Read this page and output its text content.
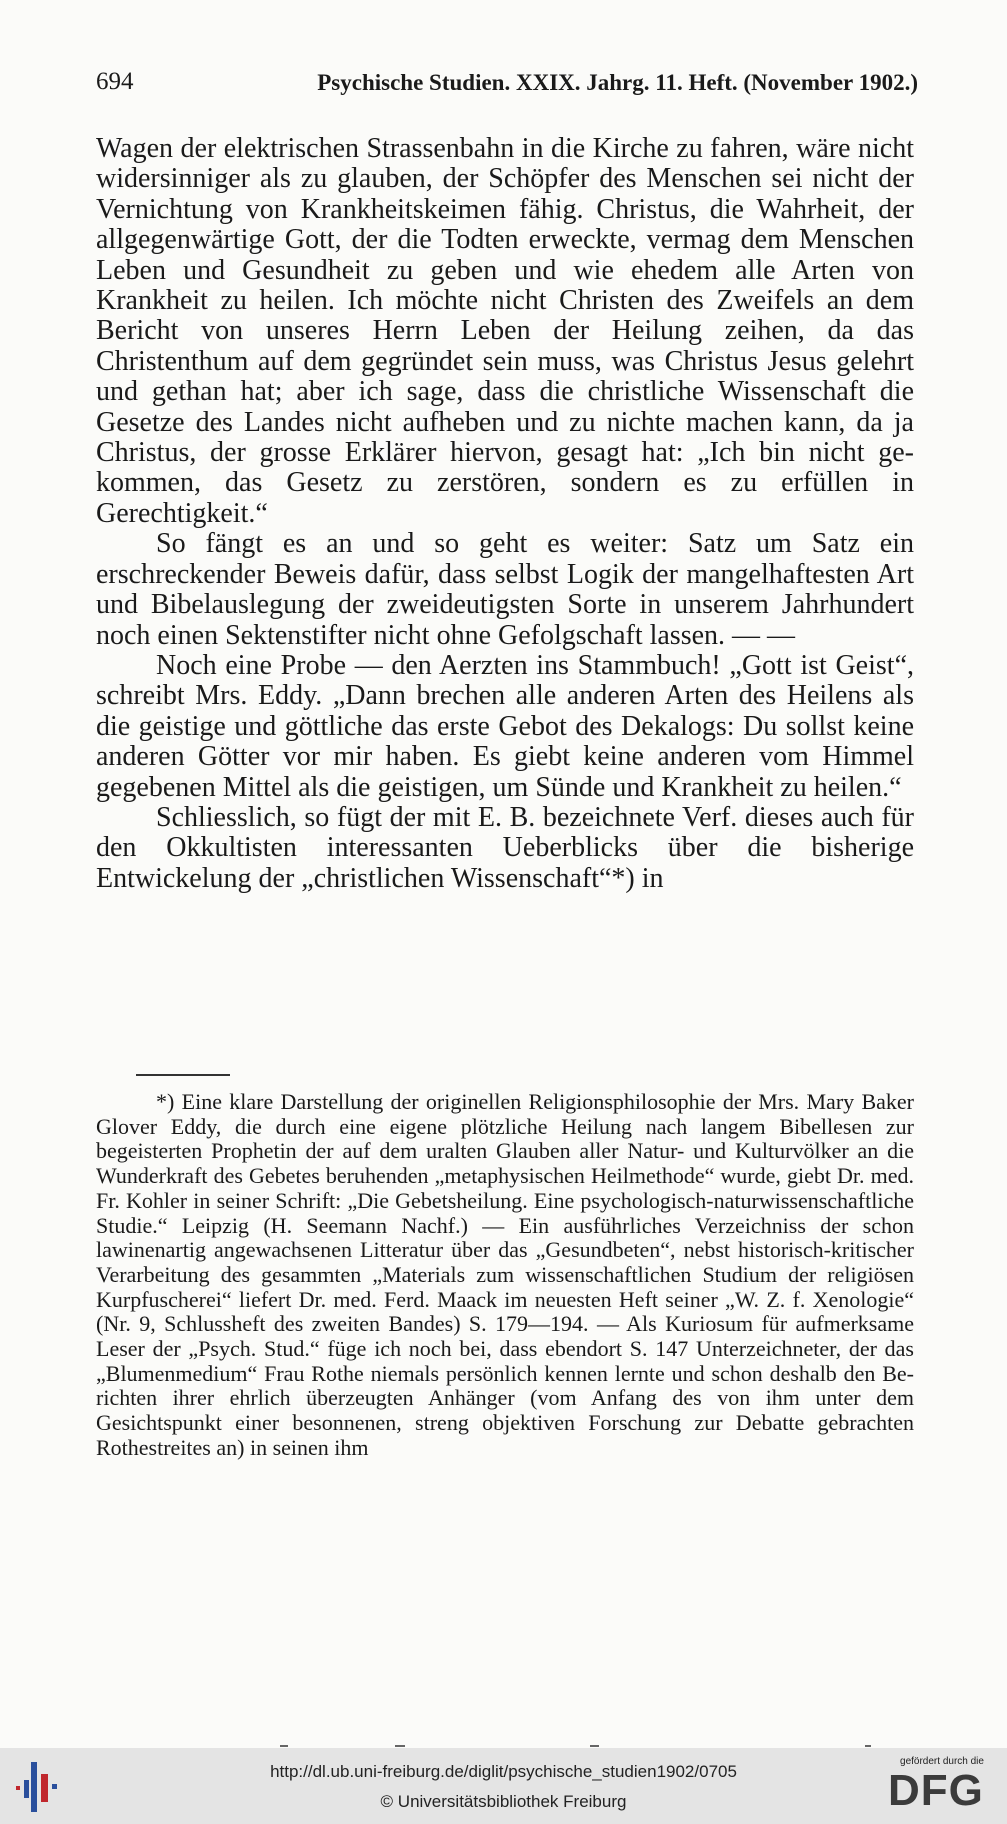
694	Psychische Studien. XXIX. Jahrg. 11. Heft. (November 1902.)

Wagen der elektrischen Strassenbahn in die Kirche zu fahren, wäre nicht widersinniger als zu glauben, der Schöpfer des Menschen sei nicht der Vernichtung von Krankheitskeimen fähig. Christus, die Wahrheit, der allgegenwärtige Gott, der die Todten erweckte, vermag dem Menschen Leben und Gesundheit zu geben und wie ehedem alle Arten von Krankheit zu heilen. Ich möchte nicht Christen des Zweifels an dem Bericht von unseres Herrn Leben der Heilung zeihen, da das Christenthum auf dem gegründet sein muss, was Christus Jesus gelehrt und gethan hat; aber ich sage, dass die christliche Wissenschaft die Gesetze des Landes nicht aufheben und zu nichte machen kann, da ja Christus, der grosse Erklärer hiervon, gesagt hat: „Ich bin nicht gekommen, das Gesetz zu zerstören, sondern es zu erfüllen in Gerechtigkeit.“

So fängt es an und so geht es weiter: Satz um Satz ein erschreckender Beweis dafür, dass selbst Logik der mangelhaftesten Art und Bibelauslegung der zweideutigsten Sorte in unserem Jahrhundert noch einen Sektenstifter nicht ohne Gefolgschaft lassen. — —

Noch eine Probe — den Aerzten ins Stammbuch! „Gott ist Geist“, schreibt Mrs. Eddy. „Dann brechen alle anderen Arten des Heilens als die geistige und göttliche das erste Gebot des Dekalogs: Du sollst keine anderen Götter vor mir haben. Es giebt keine anderen vom Himmel gegebenen Mittel als die geistigen, um Sünde und Krankheit zu heilen.“

Schliesslich, so fügt der mit E. B. bezeichnete Verf. dieses auch für den Okkultisten interessanten Ueberblicks über die bisherige Entwickelung der „christlichen Wissenschaft“*) in

*) Eine klare Darstellung der originellen Religionsphilosophie der Mrs. Mary Baker Glover Eddy, die durch eine eigene plötzliche Heilung nach langem Bibellesen zur begeisterten Prophetin der auf dem uralten Glauben aller Natur- und Kulturvölker an die Wunderkraft des Gebetes beruhenden „metaphysischen Heilmethode“ wurde, giebt Dr. med. Fr. Kohler in seiner Schrift: „Die Gebetsheilung. Eine psychologisch-naturwissenschaftliche Studie.“ Leipzig (H. Seemann Nachf.) — Ein ausführliches Verzeichniss der schon lawinenartig angewachsenen Litteratur über das „Gesundbeten“, nebst historisch-kritischer Verarbeitung des gesammten „Materials zum wissenschaftlichen Studium der religiösen Kurpfuscherei“ liefert Dr. med. Ferd. Maack im neuesten Heft seiner „W. Z. f. Xenologie“ (Nr. 9, Schlussheft des zweiten Bandes) S. 179—194. — Als Kuriosum für aufmerksame Leser der „Psych. Stud.“ füge ich noch bei, dass ebendort S. 147 Unterzeichneter, der das „Blumenmedium“ Frau Rothe niemals persönlich kennen lernte und schon deshalb den Berichten ihrer ehrlich überzeugten Anhänger (vom Anfang des von ihm unter dem Gesichtspunkt einer besonnenen, streng objektiven Forschung zur Debatte gebrachten Rothestreites an) in seinen ihm

http://dl.ub.uni-freiburg.de/diglit/psychische_studien1902/0705
© Universitätsbibliothek Freiburg
gefördert durch die
DFG
